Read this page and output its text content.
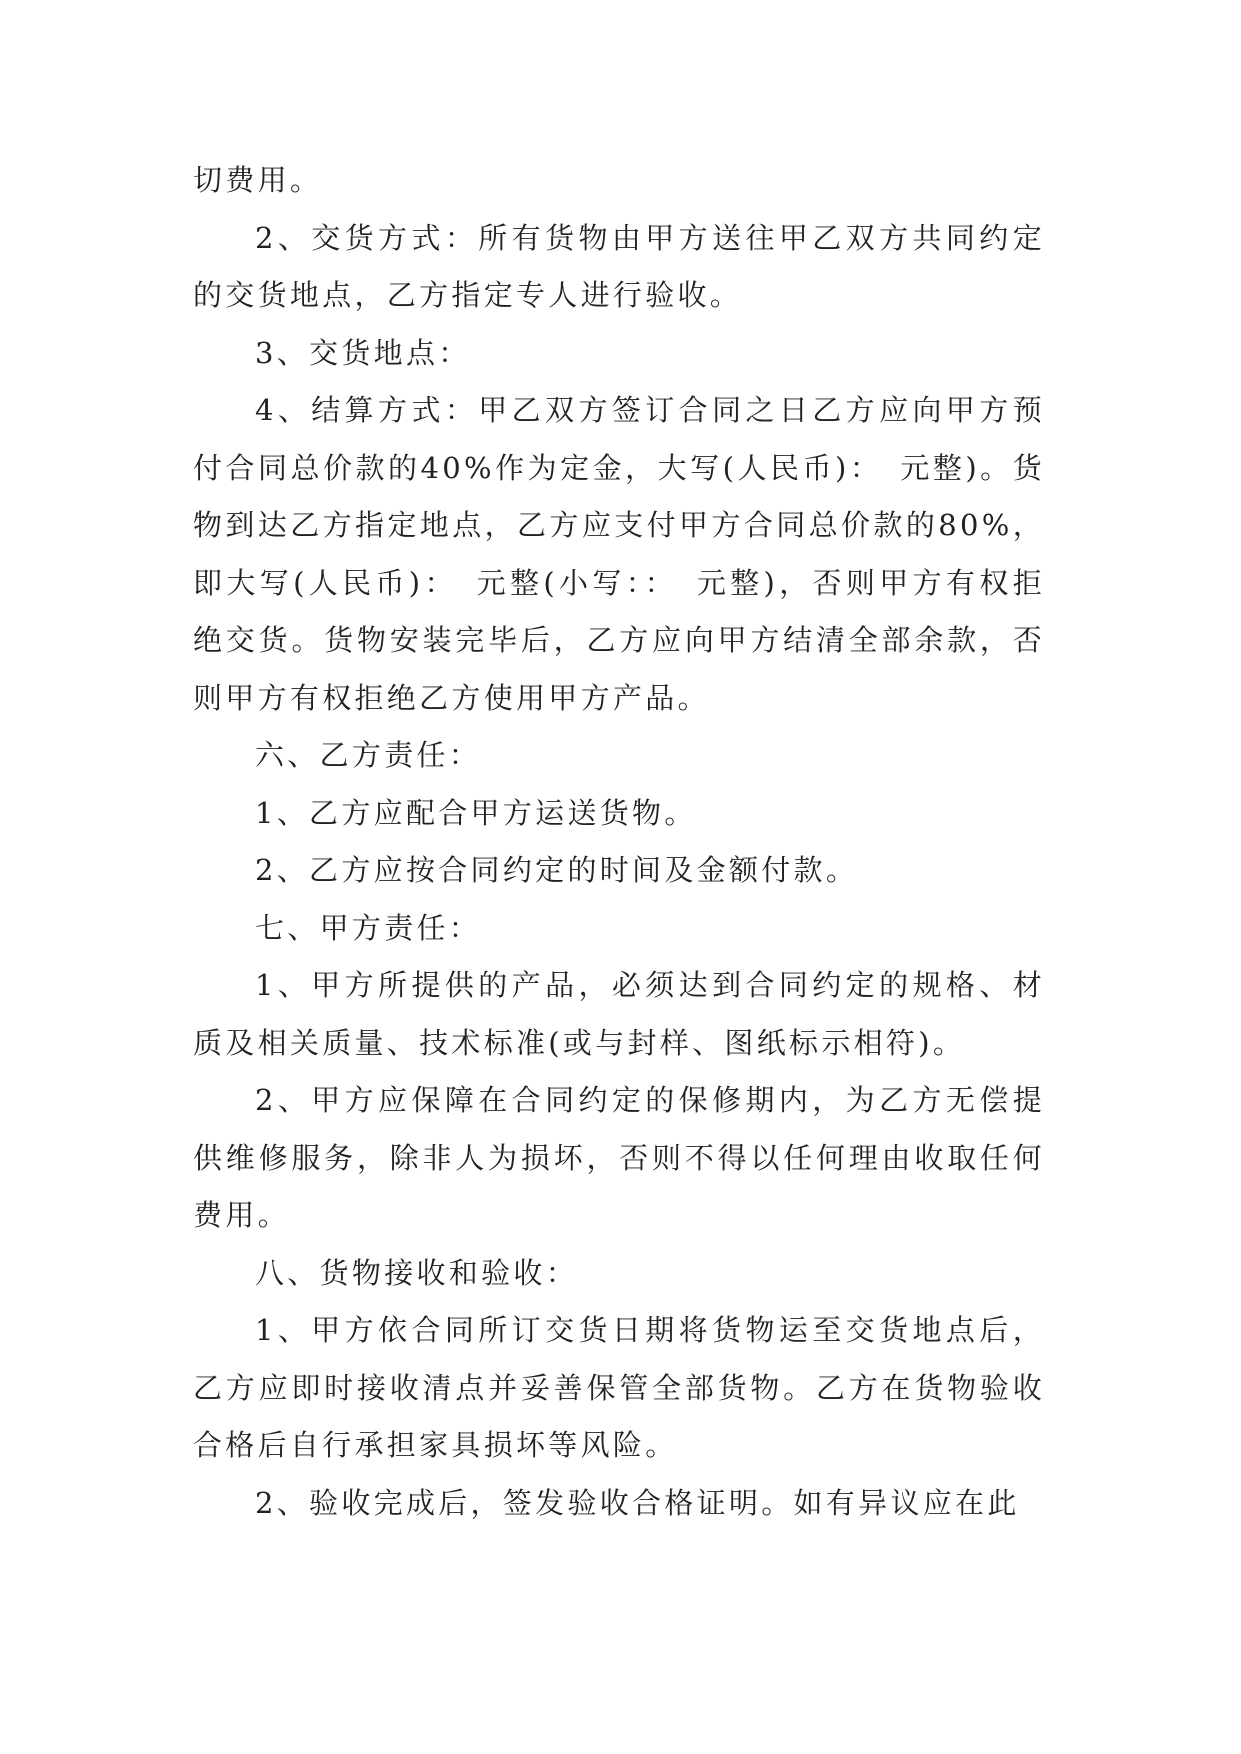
切费用。

2、交货方式：所有货物由甲方送往甲乙双方共同约定的交货地点，乙方指定专人进行验收。

3、交货地点：

4、结算方式：甲乙双方签订合同之日乙方应向甲方预付合同总价款的40%作为定金，大写(人民币)：　元整)。货物到达乙方指定地点，乙方应支付甲方合同总价款的80%，即大写(人民币)：　元整(小写：：　元整)，否则甲方有权拒绝交货。货物安装完毕后，乙方应向甲方结清全部余款，否则甲方有权拒绝乙方使用甲方产品。

六、乙方责任：

1、乙方应配合甲方运送货物。

2、乙方应按合同约定的时间及金额付款。

七、甲方责任：

1、甲方所提供的产品，必须达到合同约定的规格、材质及相关质量、技术标准(或与封样、图纸标示相符)。

2、甲方应保障在合同约定的保修期内，为乙方无偿提供维修服务，除非人为损坏，否则不得以任何理由收取任何费用。

八、货物接收和验收：

1、甲方依合同所订交货日期将货物运至交货地点后，乙方应即时接收清点并妥善保管全部货物。乙方在货物验收合格后自行承担家具损坏等风险。

2、验收完成后，签发验收合格证明。如有异议应在此
